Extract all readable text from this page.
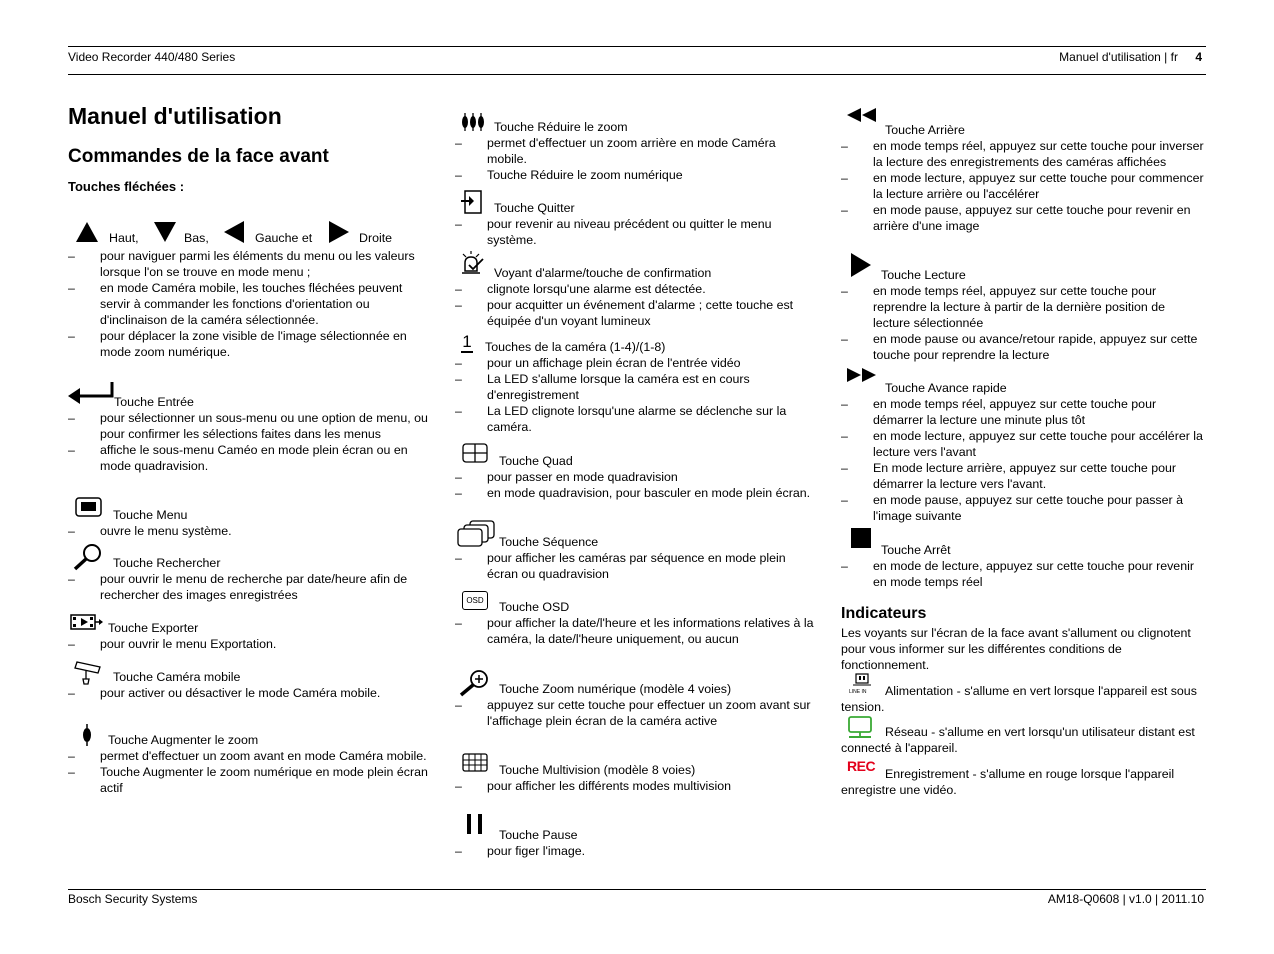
Video Recorder 440/480 Series	Manuel d'utilisation | fr 4
Manuel d'utilisation
Commandes de la face avant
Touches fléchées :
Haut,	Bas,	Gauche et	Droite
– pour naviguer parmi les éléments du menu ou les valeurs lorsque l'on se trouve en mode menu ;
– en mode Caméra mobile, les touches fléchées peuvent servir à commander les fonctions d'orientation ou d'inclinaison de la caméra sélectionnée.
– pour déplacer la zone visible de l'image sélectionnée en mode zoom numérique.
Touche Entrée
– pour sélectionner un sous-menu ou une option de menu, ou pour confirmer les sélections faites dans les menus
– affiche le sous-menu Caméo en mode plein écran ou en mode quadravision.
Touche Menu
– ouvre le menu système.
Touche Rechercher
– pour ouvrir le menu de recherche par date/heure afin de rechercher des images enregistrées
Touche Exporter
– pour ouvrir le menu Exportation.
Touche Caméra mobile
– pour activer ou désactiver le mode Caméra mobile.
Touche Augmenter le zoom
– permet d'effectuer un zoom avant en mode Caméra mobile.
– Touche Augmenter le zoom numérique en mode plein écran actif
Touche Réduire le zoom
– permet d'effectuer un zoom arrière en mode Caméra mobile.
– Touche Réduire le zoom numérique
Touche Quitter
– pour revenir au niveau précédent ou quitter le menu système.
Voyant d'alarme/touche de confirmation
– clignote lorsqu'une alarme est détectée.
– pour acquitter un événement d'alarme ; cette touche est équipée d'un voyant lumineux
1	Touches de la caméra (1-4)/(1-8)
– pour un affichage plein écran de l'entrée vidéo
– La LED s'allume lorsque la caméra est en cours d'enregistrement
– La LED clignote lorsqu'une alarme se déclenche sur la caméra.
Touche Quad
– pour passer en mode quadravision
– en mode quadravision, pour basculer en mode plein écran.
Touche Séquence
– pour afficher les caméras par séquence en mode plein écran ou quadravision
OSD	Touche OSD
– pour afficher la date/l'heure et les informations relatives à la caméra, la date/l'heure uniquement, ou aucun
Touche Zoom numérique (modèle 4 voies)
– appuyez sur cette touche pour effectuer un zoom avant sur l'affichage plein écran de la caméra active
Touche Multivision (modèle 8 voies)
– pour afficher les différents modes multivision
Touche Pause
– pour figer l'image.
Touche Arrière
– en mode temps réel, appuyez sur cette touche pour inverser la lecture des enregistrements des caméras affichées
– en mode lecture, appuyez sur cette touche pour commencer la lecture arrière ou l'accélérer
– en mode pause, appuyez sur cette touche pour revenir en arrière d'une image
Touche Lecture
– en mode temps réel, appuyez sur cette touche pour reprendre la lecture à partir de la dernière position de lecture sélectionnée
– en mode pause ou avance/retour rapide, appuyez sur cette touche pour reprendre la lecture
Touche Avance rapide
– en mode temps réel, appuyez sur cette touche pour démarrer la lecture une minute plus tôt
– en mode lecture, appuyez sur cette touche pour accélérer la lecture vers l'avant
– En mode lecture arrière, appuyez sur cette touche pour démarrer la lecture vers l'avant.
– en mode pause, appuyez sur cette touche pour passer à l'image suivante
Touche Arrêt
– en mode de lecture, appuyez sur cette touche pour revenir en mode temps réel
Indicateurs

Les voyants sur l'écran de la face avant s'allument ou clignotent pour vous informer sur les différentes conditions de fonctionnement.

LINE IN Alimentation - s'allume en vert lorsque l'appareil est sous tension.
Réseau - s'allume en vert lorsqu'un utilisateur distant est connecté à l'appareil.
REC Enregistrement - s'allume en rouge lorsque l'appareil enregistre une vidéo.
Bosch Security Systems	AM18-Q0608 | v1.0 | 2011.10
